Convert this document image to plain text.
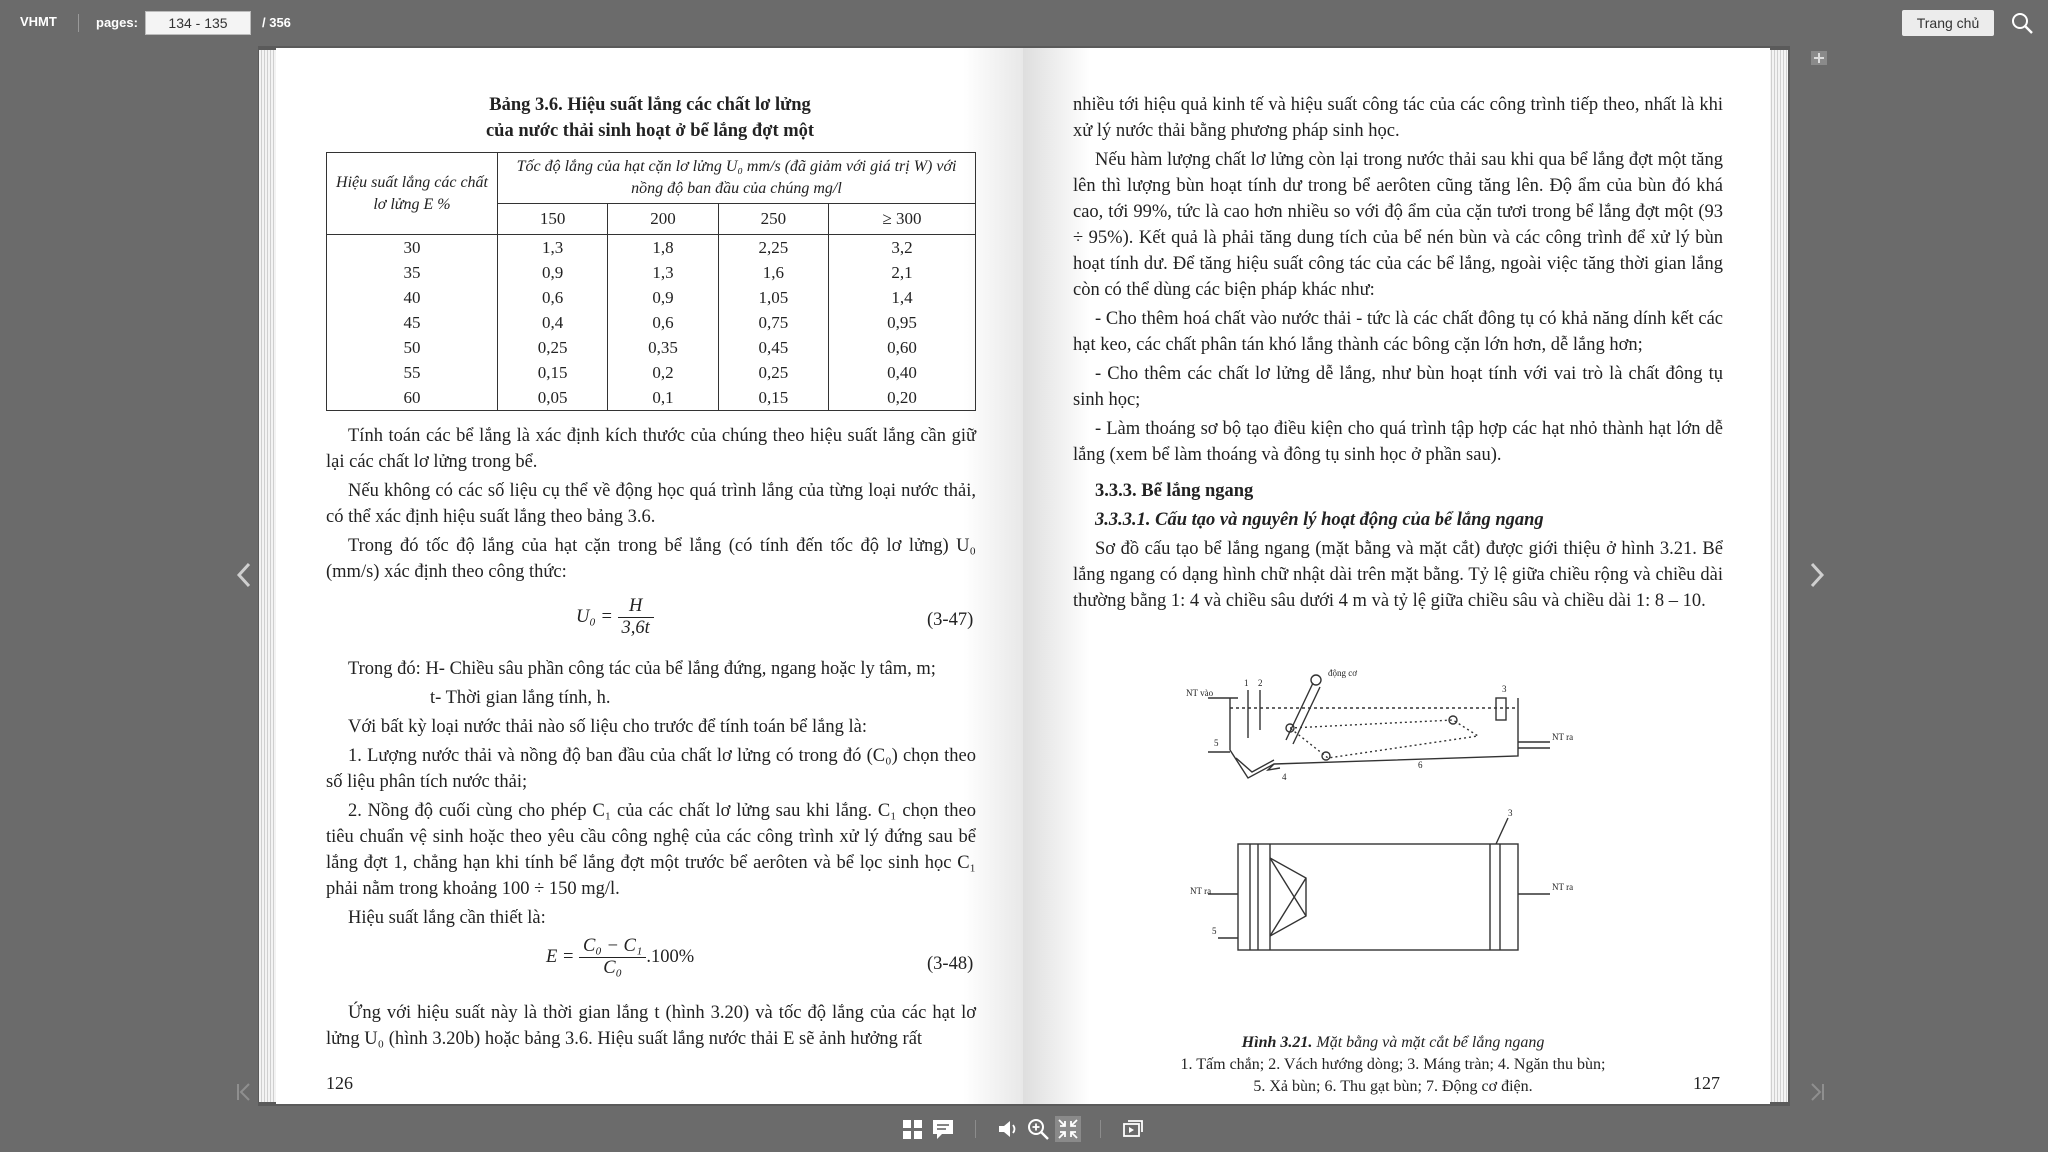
VHMT	pages:
134 - 135	/ 356	Trang chủ
Bảng 3.6. Hiệu suất lắng các chất lơ lửng
của nước thải sinh hoạt ở bể lắng đợt một
Hiệu suất lắng các chất lơ lửng E %	Tốc độ lắng của hạt cặn lơ lửng U₀ mm/s (đã giảm với giá trị W) với nồng độ ban đầu của chúng mg/l			
	150	200	250	≥ 300
30	1,3	1,8	2,25	3,2
35	0,9	1,3	1,6	2,1
40	0,6	0,9	1,05	1,4
45	0,4	0,6	0,75	0,95
50	0,25	0,35	0,45	0,60
55	0,15	0,2	0,25	0,40
60	0,05	0,1	0,15	0,20

Tính toán các bể lắng là xác định kích thước của chúng theo hiệu suất lắng cần giữ lại các chất lơ lửng trong bể.

Nếu không có các số liệu cụ thể về động học quá trình lắng của từng loại nước thải, có thể xác định hiệu suất lắng theo bảng 3.6.

Trong đó tốc độ lắng của hạt cặn trong bể lắng (có tính đến tốc độ lơ lửng) U₀ (mm/s) xác định theo công thức:

$U_0 = \frac{H}{3,6t}$	(3-47)

Trong đó: H- Chiều sâu phần công tác của bể lắng đứng, ngang hoặc ly tâm, m;

t- Thời gian lắng tính, h.

Với bất kỳ loại nước thải nào số liệu cho trước để tính toán bể lắng là:

1. Lượng nước thải và nồng độ ban đầu của chất lơ lửng có trong đó (C₀) chọn theo số liệu phân tích nước thải;

2. Nồng độ cuối cùng cho phép C₁ của các chất lơ lửng sau khi lắng. C₁ chọn theo tiêu chuẩn vệ sinh hoặc theo yêu cầu công nghệ của các công trình xử lý đứng sau bể lắng đợt 1, chẳng hạn khi tính bể lắng đợt một trước bể aerôten và bể lọc sinh học C₁ phải nằm trong khoảng 100 ÷ 150 mg/l.

Hiệu suất lắng cần thiết là:

$E = \frac{\text{C₀ − C₁}}{\text{C₀}} .100\%$	(3-48)

Ứng với hiệu suất này là thời gian lắng t (hình 3.20) và tốc độ lắng của các hạt lơ lửng U₀ (hình 3.20b) hoặc bảng 3.6. Hiệu suất lắng nước thải E sẽ ảnh hưởng rất

126

nhiều tới hiệu quả kinh tế và hiệu suất công tác của các công trình tiếp theo, nhất là khi xử lý nước thải bằng phương pháp sinh học.

Nếu hàm lượng chất lơ lửng còn lại trong nước thải sau khi qua bể lắng đợt một tăng lên thì lượng bùn hoạt tính dư trong bể aerôten cũng tăng lên. Độ ẩm của bùn đó khá cao, tới 99%, tức là cao hơn nhiều so với độ ẩm của cặn tươi trong bể lắng đợt một (93 ÷ 95%). Kết quả là phải tăng dung tích của bể nén bùn và các công trình để xử lý bùn hoạt tính dư. Để tăng hiệu suất công tác của các bể lắng, ngoài việc tăng thời gian lắng còn có thể dùng các biện pháp khác như:

- Cho thêm hoá chất vào nước thải - tức là các chất đông tụ có khả năng dính kết các hạt keo, các chất phân tán khó lắng thành các bông cặn lớn hơn, dễ lắng hơn;

- Cho thêm các chất lơ lửng dễ lắng, như bùn hoạt tính với vai trò là chất đông tụ sinh học;

- Làm thoáng sơ bộ tạo điều kiện cho quá trình tập hợp các hạt nhỏ thành hạt lớn dễ lắng (xem bể làm thoáng và đông tụ sinh học ở phần sau).

3.3.3. Bể lắng ngang

3.3.3.1. Cấu tạo và nguyên lý hoạt động của bể lắng ngang

Sơ đồ cấu tạo bể lắng ngang (mặt bằng và mặt cắt) được giới thiệu ở hình 3.21. Bể lắng ngang có dạng hình chữ nhật dài trên mặt bằng. Tỷ lệ giữa chiều rộng và chiều dài thường bằng 1: 4 và chiều sâu dưới 4 m và tỷ lệ giữa chiều sâu và chiều dài 1: 8 – 10.

động cơ
NT vào
NT ra
NT ra	NT ra
1 2
3
4
5
6
3
5
Hình 3.21. Mặt bằng và mặt cắt bể lắng ngang
1. Tấm chắn; 2. Vách hướng dòng; 3. Máng tràn; 4. Ngăn thu bùn;
5. Xả bùn; 6. Thu gạt bùn; 7. Động cơ điện.	127
